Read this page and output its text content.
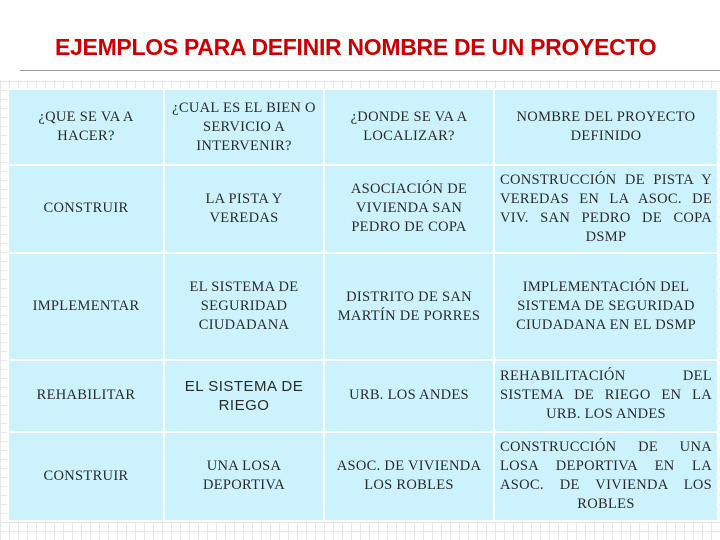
EJEMPLOS PARA DEFINIR NOMBRE DE UN PROYECTO
¿QUE SE VA A HACER?	¿CUAL ES EL BIEN O SERVICIO A INTERVENIR?	¿DONDE SE VA A LOCALIZAR?	NOMBRE DEL PROYECTO DEFINIDO
CONSTRUIR	LA PISTA Y VEREDAS	ASOCIACIÓN DE VIVIENDA SAN PEDRO DE COPA	CONSTRUCCIÓN DE PISTA Y VEREDAS EN LA ASOC. DE VIV. SAN PEDRO DE COPA DSMP
IMPLEMENTAR	EL SISTEMA DE SEGURIDAD CIUDADANA	DISTRITO DE SAN MARTÍN DE PORRES	IMPLEMENTACIÓN DEL SISTEMA DE SEGURIDAD CIUDADANA EN EL DSMP
REHABILITAR	EL SISTEMA DE RIEGO	URB. LOS ANDES	REHABILITACIÓN DEL SISTEMA DE RIEGO EN LA URB. LOS ANDES
CONSTRUIR	UNA LOSA DEPORTIVA	ASOC. DE VIVIENDA LOS ROBLES	CONSTRUCCIÓN DE UNA LOSA DEPORTIVA EN LA ASOC. DE VIVIENDA LOS ROBLES
